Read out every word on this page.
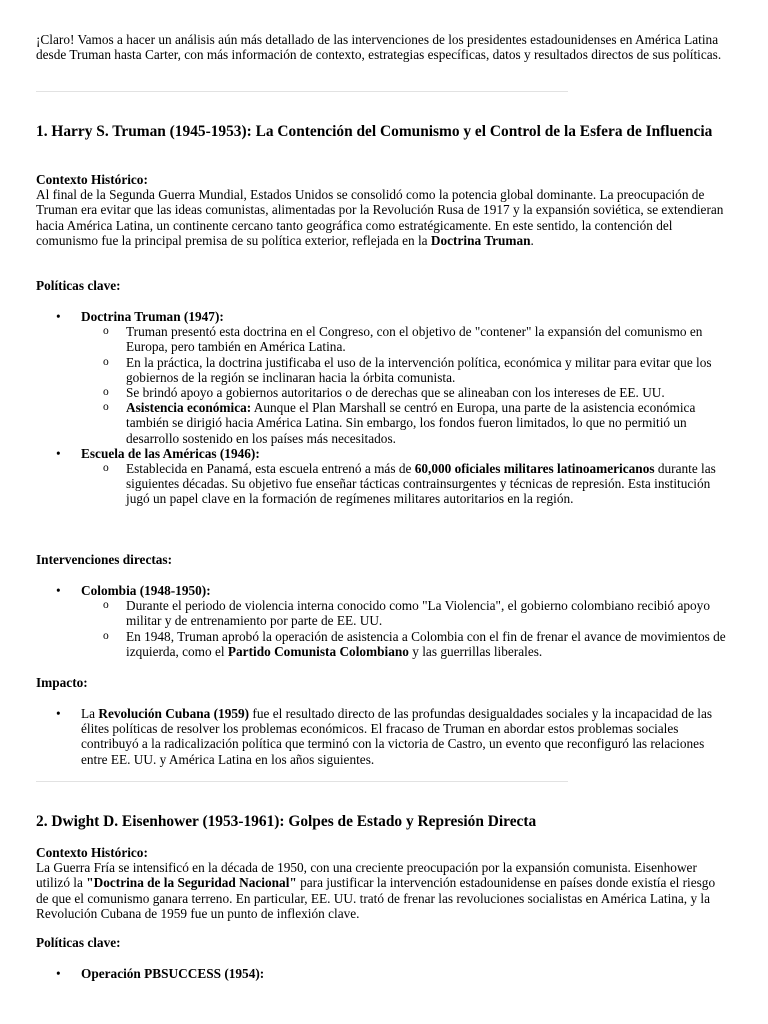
¡Claro! Vamos a hacer un análisis aún más detallado de las intervenciones de los presidentes estadounidenses en América Latina desde Truman hasta Carter, con más información de contexto, estrategias específicas, datos y resultados directos de sus políticas.

1. Harry S. Truman (1945-1953): La Contención del Comunismo y el Control de la Esfera de Influencia
Contexto Histórico:
Al final de la Segunda Guerra Mundial, Estados Unidos se consolidó como la potencia global dominante. La preocupación de Truman era evitar que las ideas comunistas, alimentadas por la Revolución Rusa de 1917 y la expansión soviética, se extendieran hacia América Latina, un continente cercano tanto geográfica como estratégicamente. En este sentido, la contención del comunismo fue la principal premisa de su política exterior, reflejada en la Doctrina Truman.
Políticas clave:
• Doctrina Truman (1947):
o Truman presentó esta doctrina en el Congreso, con el objetivo de "contener" la expansión del comunismo en Europa, pero también en América Latina.
o En la práctica, la doctrina justificaba el uso de la intervención política, económica y militar para evitar que los gobiernos de la región se inclinaran hacia la órbita comunista.
o Se brindó apoyo a gobiernos autoritarios o de derechas que se alineaban con los intereses de EE. UU.
o Asistencia económica: Aunque el Plan Marshall se centró en Europa, una parte de la asistencia económica también se dirigió hacia América Latina. Sin embargo, los fondos fueron limitados, lo que no permitió un desarrollo sostenido en los países más necesitados.
• Escuela de las Américas (1946):
o Establecida en Panamá, esta escuela entrenó a más de 60,000 oficiales militares latinoamericanos durante las siguientes décadas. Su objetivo fue enseñar tácticas contrainsurgentes y técnicas de represión. Esta institución jugó un papel clave en la formación de regímenes militares autoritarios en la región.
Intervenciones directas:
• Colombia (1948-1950):
o Durante el periodo de violencia interna conocido como "La Violencia", el gobierno colombiano recibió apoyo militar y de entrenamiento por parte de EE. UU.
o En 1948, Truman aprobó la operación de asistencia a Colombia con el fin de frenar el avance de movimientos de izquierda, como el Partido Comunista Colombiano y las guerrillas liberales.
Impacto:
• La Revolución Cubana (1959) fue el resultado directo de las profundas desigualdades sociales y la incapacidad de las élites políticas de resolver los problemas económicos. El fracaso de Truman en abordar estos problemas sociales contribuyó a la radicalización política que terminó con la victoria de Castro, un evento que reconfiguró las relaciones entre EE. UU. y América Latina en los años siguientes.
2. Dwight D. Eisenhower (1953-1961): Golpes de Estado y Represión Directa
Contexto Histórico:
La Guerra Fría se intensificó en la década de 1950, con una creciente preocupación por la expansión comunista. Eisenhower utilizó la "Doctrina de la Seguridad Nacional" para justificar la intervención estadounidense en países donde existía el riesgo de que el comunismo ganara terreno. En particular, EE. UU. trató de frenar las revoluciones socialistas en América Latina, y la Revolución Cubana de 1959 fue un punto de inflexión clave.
Políticas clave:
• Operación PBSUCCESS (1954):
